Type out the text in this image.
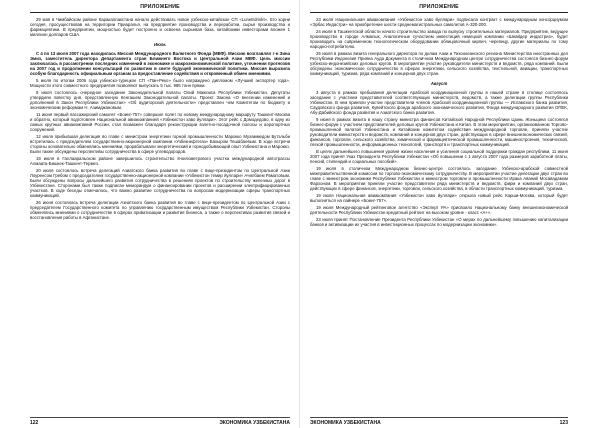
ПРИЛОЖЕНИЕ

29 мая в Чимбайском районе Каракалпакстана начало действовать новое узбекско-китайское СП «LuneEdrinkt». Его корни сегодня, просуществовав на территории Приаралья, на предприятие производства и переработки, сырья производства и фармацевтики. В предприятии, мощностью будет построено и освоена сырьевая база, китайскими инвесторами вложен 1 миллион долларов США.

Июль

С 4 по 13 июля 2007 года находилась Миссия Международного Валютного Фонда (МВФ). Миссию возглавлял г-н Зина Эмиз, заместитель директора Департамента стран Ближнего Востока и Центральной Азии МВФ. Цель миссии заключалась в рассмотрении последних изменений в экономике и макроэкономической политике, уточнении прогнозов на 2007 год и продолжении консультаций по развитию в свете будущей экономической политики. Миссия выразила особую благодарность официальным органам за предоставление содействия и откровенный обмен мнениями.

5 июля по итогам 2006 года узбекско-турецкое СП «Пан-Реко» было награждено дипломом «Лучший экспортер года». Мощности этого совместного предприятия позволяют выпускать 5 тыс. 985 тонн пряжи.

8 июля состоялось очередное заседание Законодательной палаты Олий Мажлиса Республики Узбекистан. Депутаты утвердили повестку дня, представленную Кенгашем Законодательной палаты. Проект Закона «О внесении изменений и дополнений в Закон Республики Узбекистан» «Об аудиторской деятельности» представлен чем Комитетом по бюджету и экономическим реформам Н. Азимджановым.

11 июня первый пассажирский самолет «Боинг-757» совершил полет по новому международному маршруту Ташкент-Москва и обратно, который подготовлен Национальной авиакомпанией «Узбекистон хаво йуллари». Этот рейс с Домодедово, в одну из самых крупных авиакомпаний России, стал возможен благодаря реконструкции взлетно-посадочной полосы и аэропортных сооружений.

12 июля прибывшая делегация во главе с министром энергетики горной промышленности Марокко Мухаммедом Бутэльби встретилась с председателем государственно-акционерной компании «Узбекнефтегаз» Бахыром Тешабаевым. В ходе встречи стороны основательно обменялись мнениями, прорабатывали энергетический и горнодобывающий опыт Узбекистана и Марокко. Были также обсуждены перспективы сотрудничества в сфере углеводородов.

19 июля в Галлааральском районе завершилось строительство 8-километрового участка международной автотрассы Алмаата-Бишкек-Ташкент-Термез.

20 июля состоялось встреча делегаций Азиатского банка развития во главе с вице-президентом по Центральной Азии Лоуренсом Гребом с председателем государственно-акционерной компании «Узбекистон темир йуллари» Ачилбаем Раматовым. Были обсуждены вопросы дальнейшего развития сотрудничества в решениях проектов по строительству железных дорог в Узбекистане. Сторонами был также подписан меморандум о финансировании проектов и расширении электрифицированных участков. В ходе беседы отмечалось, что важно развитие сотрудничества по вопросам модернизации сферы транспортных коммуникаций.

26 июня состоялась встреча делегации Азиатского банка развития во главе с вице-президентом по Центральной Азии с председателем Государственного комитета по управлению государственным имуществом Республики Узбекистан. Стороны обменялись мнениями о сотрудничестве в сферах приватизации и развития бизнеса, а также о перспективах развития связей и восстановления работы в Афганистане.

122	ЭКОНОМИКА УЗБЕКИСТАНА
ПРИЛОЖЕНИЕ

23 июля Национальная авиакомпания «Узбекистон хаво йуллари» подписала контракт с международным консорциумом «Эрбас Индастри» на приобретение шести среднемагистральных самолетов А-320-200.

24 июля в Ташкентской области начато строительство завода по выпуску строительных материалов. Предприятие, ведущее производство в городе Алмалык, Аналогичные сучастием инвестиций немецкой компании «Шнайдер индастриз», будет производить на современном технологическом оборудовании облицовочный кирпич, черепицу, другие материалы по тому народно-потребителю.

25 июля в рамках визита генерального директора по делам Азии и Тихоокеанского региона Министерства иностранных дел Республики Индонезия Прияна Ауда Документа в столичном Международном центре сотрудничества состоялся бизнес-форум узбекско-индонезийских деловых кругов. В мероприятии участие руководители министерств и ведомств, ряда компаний. Были обсуждены экономическое сотрудничество в сферах энергетики, сельского хозяйства, текстильной, авиации, транспортных коммуникаций, туризма, ряда компаний и концернов двух стран.

Август

3 августа в рамках пребывания делегации Арабской координационной группы в нашей стране в столице состоялось заседание с участием представителей соответствующих министерств, ведомств, а также делегации группы Республики Узбекистан. В нем приняли участие представители членов Арабской координационной группы — Исламского банка развития, Саудовского фонда развития, Кувейтского фонда арабского экономического развития, Фонда международного развития ОПЕК, Абу-Дабийского фонда развития и Азиатского банка развития.

9 июня в рамках визита в нашу страну министра финансов Китайской Народной Республики Цзинь Жэньцина состоялся бизнес-форум с участием представителей деловых кругов Узбекистана и Китая. В этом мероприятии, организованном Торгово-промышленной палатой Узбекистана и Китайским комитетом содействия международной торговле, приняли участие руководители министерств и ведомств, компаний и концернов двух стран, действующих в сфере внешнеэкономических связей, финансов, торговли, сельского хозяйства, химической и фармацевтической промышленности, машиностроения, технической, легкой промышленности, информационных технологий, транспорта и транспортных коммуникаций.

В целях дальнейшего повышения уровня жизни населения и усиления социальной поддержки граждан республики, 11 июня 2007 года принят Указ Президента Республики Узбекистан «Об повышении с 1 августа 2007 года размеров заработной платы, пенсий, стипендий и социальных пособий».

19 июля в столичном Международном бизнес-центре состоялось заседание Узбекско-арабской совместной межправительственной комиссии по торгово-экономическому сотрудничеству. В мероприятии участие делегации двух стран во главе с министром экономики Республики Узбекистан и министром торговли и промышленности Ирака Аваний Мосавадамом Фархоном. В мероприятии приняли участие представители ряда министерств и ведомств, фирм и компаний двух стран, действующих в сфере финансов, энергетики, торговли, сельского хозяйства, в области транспортных коммуникаций, туризма.

19 июля Национальная авиакомпания «Узбекистон хаво йуллари» открыла новый рейс Карши-Москва, который будет выполняться на лайнере «Боинг-757».

19 июля Международный рейтинговое агентство «Эксперт РА» присвоило Национальному банку внешнеэкономической деятельности Республики Узбекистан кредитный рейтинг на высоком уровне - класс «А+».

23 июля принят Постановление Президента Республики Узбекистан «О мерах по дальнейшему повышению капитализации банков и активизации их участия в инвестиционных процессах по модернизации экономики».

ЭКОНОМИКА УЗБЕКИСТАНА	123
